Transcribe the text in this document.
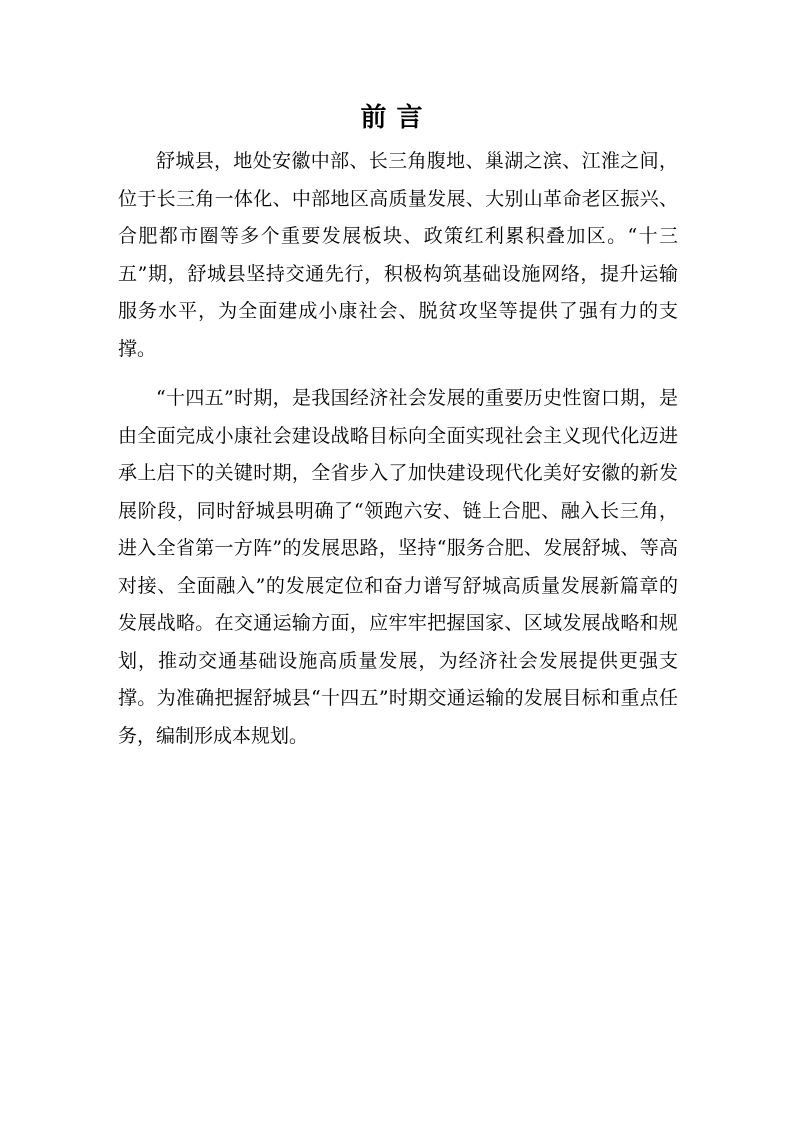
前言

舒城县，地处安徽中部、长三角腹地、巢湖之滨、江淮之间，位于长三角一体化、中部地区高质量发展、大别山革命老区振兴、合肥都市圈等多个重要发展板块、政策红利累积叠加区。“十三五”期，舒城县坚持交通先行，积极构筑基础设施网络，提升运输服务水平，为全面建成小康社会、脱贫攻坚等提供了强有力的支撑。

“十四五”时期，是我国经济社会发展的重要历史性窗口期，是由全面完成小康社会建设战略目标向全面实现社会主义现代化迈进承上启下的关键时期，全省步入了加快建设现代化美好安徽的新发展阶段，同时舒城县明确了“领跑六安、链上合肥、融入长三角，进入全省第一方阵”的发展思路，坚持“服务合肥、发展舒城、等高对接、全面融入”的发展定位和奋力谱写舒城高质量发展新篇章的发展战略。在交通运输方面，应牢牢把握国家、区域发展战略和规划，推动交通基础设施高质量发展，为经济社会发展提供更强支撑。为准确把握舒城县“十四五”时期交通运输的发展目标和重点任务，编制形成本规划。
